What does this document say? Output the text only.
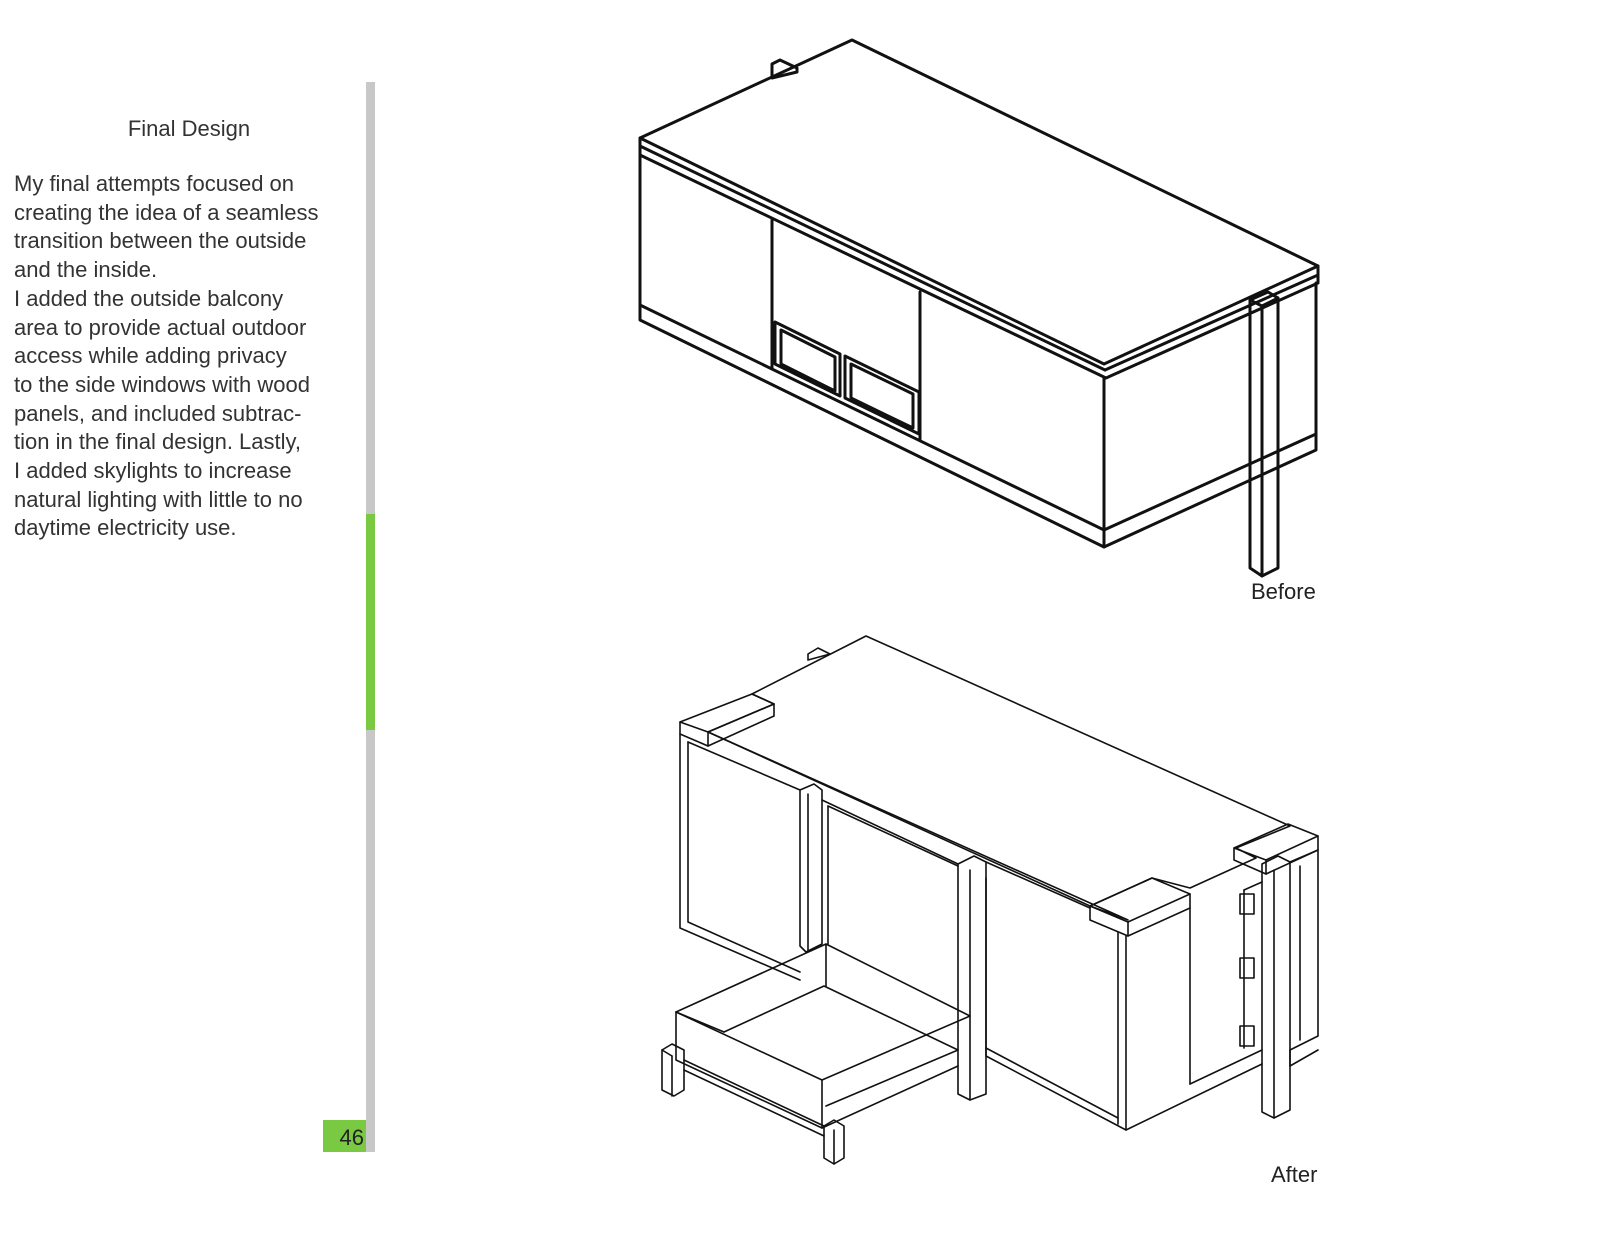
Final Design

My final attempts focused on
creating the idea of a seamless
transition between the outside
and the inside.
I added the outside balcony
area to provide actual outdoor
access while adding privacy
to the side windows with wood
panels, and included subtrac-
tion in the final design. Lastly,
I added skylights to increase
natural lighting with little to no
daytime electricity use.

46
Before
After
